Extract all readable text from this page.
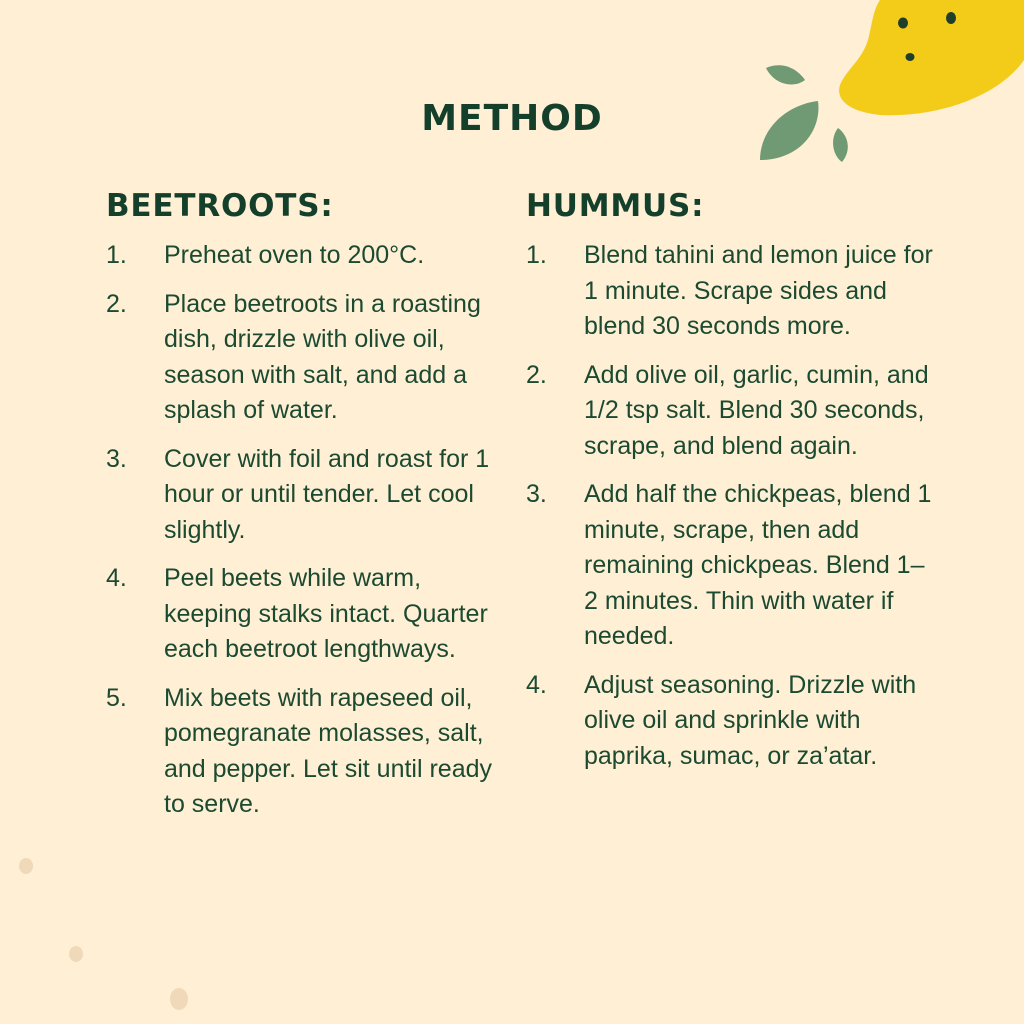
METHOD
BEETROOTS:
1.	Preheat oven to 200°C.
2.	Place beetroots in a roasting dish, drizzle with olive oil, season with salt, and add a splash of water.
3.	Cover with foil and roast for 1 hour or until tender. Let cool slightly.
4.	Peel beets while warm, keeping stalks intact. Quarter each beetroot lengthways.
5.	Mix beets with rapeseed oil, pomegranate molasses, salt, and pepper. Let sit until ready to serve.
HUMMUS:
1.	Blend tahini and lemon juice for 1 minute. Scrape sides and blend 30 seconds more.
2.	Add olive oil, garlic, cumin, and 1/2 tsp salt. Blend 30 seconds, scrape, and blend again.
3.	Add half the chickpeas, blend 1 minute, scrape, then add remaining chickpeas. Blend 1–2 minutes. Thin with water if needed.
4.	Adjust seasoning. Drizzle with olive oil and sprinkle with paprika, sumac, or za’atar.
